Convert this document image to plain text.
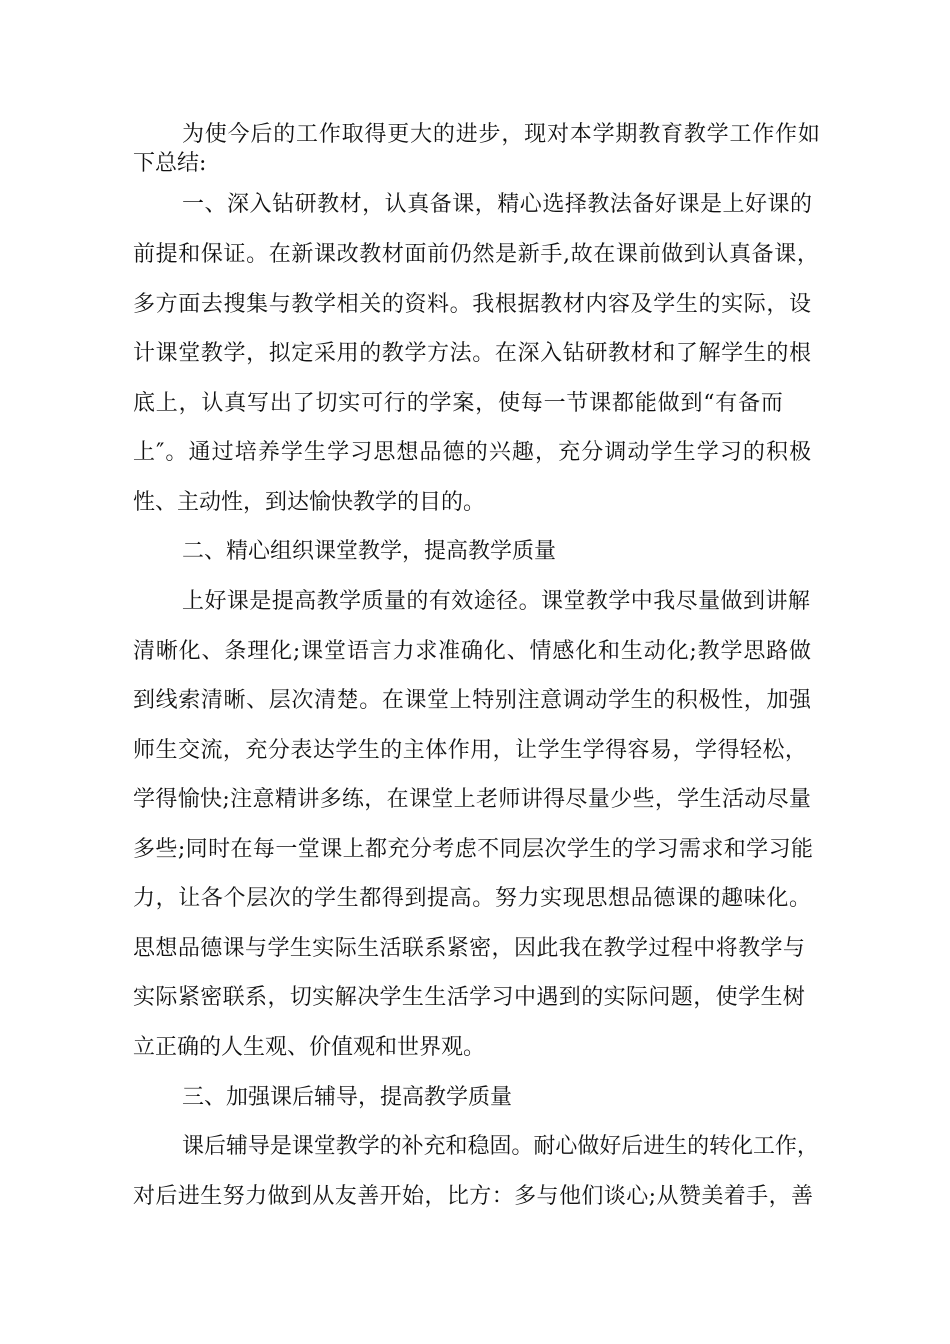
为使今后的工作取得更大的进步，现对本学期教育教学工作作如
下总结:
一、深入钻研教材，认真备课，精心选择教法备好课是上好课的
前提和保证。在新课改教材面前仍然是新手,故在课前做到认真备课，
多方面去搜集与教学相关的资料。我根据教材内容及学生的实际，设
计课堂教学，拟定采用的教学方法。在深入钻研教材和了解学生的根
底上，认真写出了切实可行的学案，使每一节课都能做到“有备而
上″。通过培养学生学习思想品德的兴趣，充分调动学生学习的积极
性、主动性，到达愉快教学的目的。
二、精心组织课堂教学，提高教学质量
上好课是提高教学质量的有效途径。课堂教学中我尽量做到讲解
清晰化、条理化;课堂语言力求准确化、情感化和生动化;教学思路做
到线索清晰、层次清楚。在课堂上特别注意调动学生的积极性，加强
师生交流，充分表达学生的主体作用，让学生学得容易，学得轻松，
学得愉快;注意精讲多练，在课堂上老师讲得尽量少些，学生活动尽量
多些;同时在每一堂课上都充分考虑不同层次学生的学习需求和学习能
力，让各个层次的学生都得到提高。努力实现思想品德课的趣味化。
思想品德课与学生实际生活联系紧密，因此我在教学过程中将教学与
实际紧密联系，切实解决学生生活学习中遇到的实际问题，使学生树
立正确的人生观、价值观和世界观。
三、加强课后辅导，提高教学质量
课后辅导是课堂教学的补充和稳固。耐心做好后进生的转化工作，
对后进生努力做到从友善开始，比方：多与他们谈心;从赞美着手，善
